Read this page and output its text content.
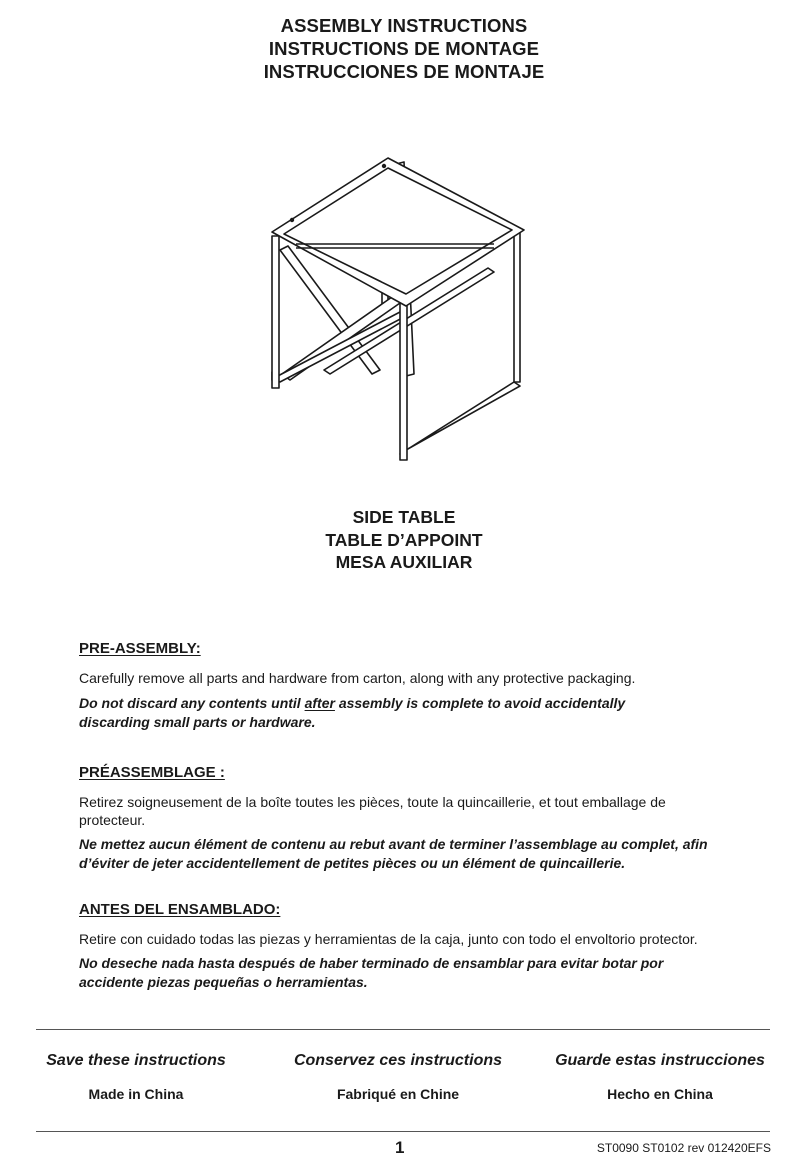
ASSEMBLY INSTRUCTIONS
INSTRUCTIONS DE MONTAGE
INSTRUCCIONES DE MONTAJE
SIDE TABLE
TABLE D’APPOINT
MESA AUXILIAR
PRE-ASSEMBLY:
Carefully remove all parts and hardware from carton, along with any protective packaging.
Do not discard any contents until after assembly is complete to avoid accidentally discarding small parts or hardware.
PRÉASSEMBLAGE :
Retirez soigneusement de la boîte toutes les pièces, toute la quincaillerie, et tout emballage de protecteur.
Ne mettez aucun élément de contenu au rebut avant de terminer l’assemblage au complet, afin d’éviter de jeter accidentellement de petites pièces ou un élément de quincaillerie.
ANTES DEL ENSAMBLADO:
Retire con cuidado todas las piezas y herramientas de la caja, junto con todo el envoltorio protector.
No deseche nada hasta después de haber terminado de ensamblar para evitar botar por accidente piezas pequeñas o herramientas.
Save these instructions	Conservez ces instructions	Guarde estas instrucciones
Made in China	Fabriqué en Chine	Hecho en China
1	ST0090 ST0102 rev 012420EFS
